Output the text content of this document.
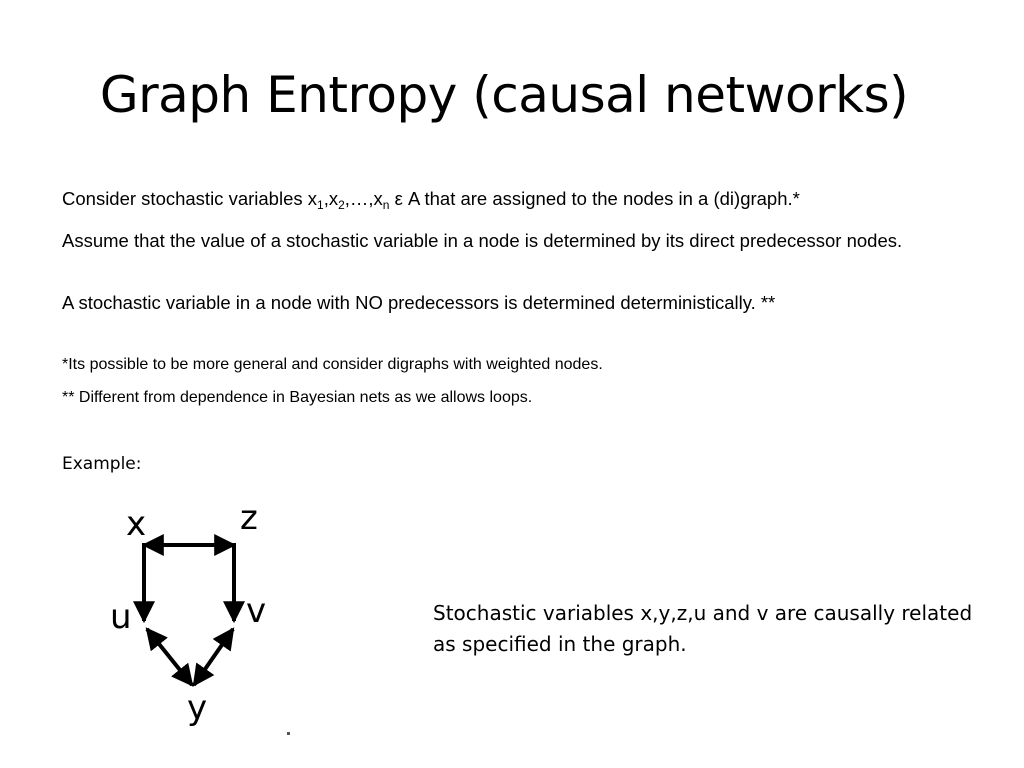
Graph Entropy (causal networks)
Consider stochastic variables $x_1,x_2,\dots,x_n$ ε A that are assigned to the nodes in a (di)graph.*
Assume that the value of a stochastic variable in a node is determined by its direct predecessor nodes.
A stochastic variable in a node with NO predecessors is determined deterministically. **
*Its possible to be more general and consider digraphs with weighted nodes.
** Different from dependence in Bayesian nets as we allows loops.
Example:
x	z
u	v
y
Stochastic variables x,y,z,u and v are causally related as specified in the graph.
